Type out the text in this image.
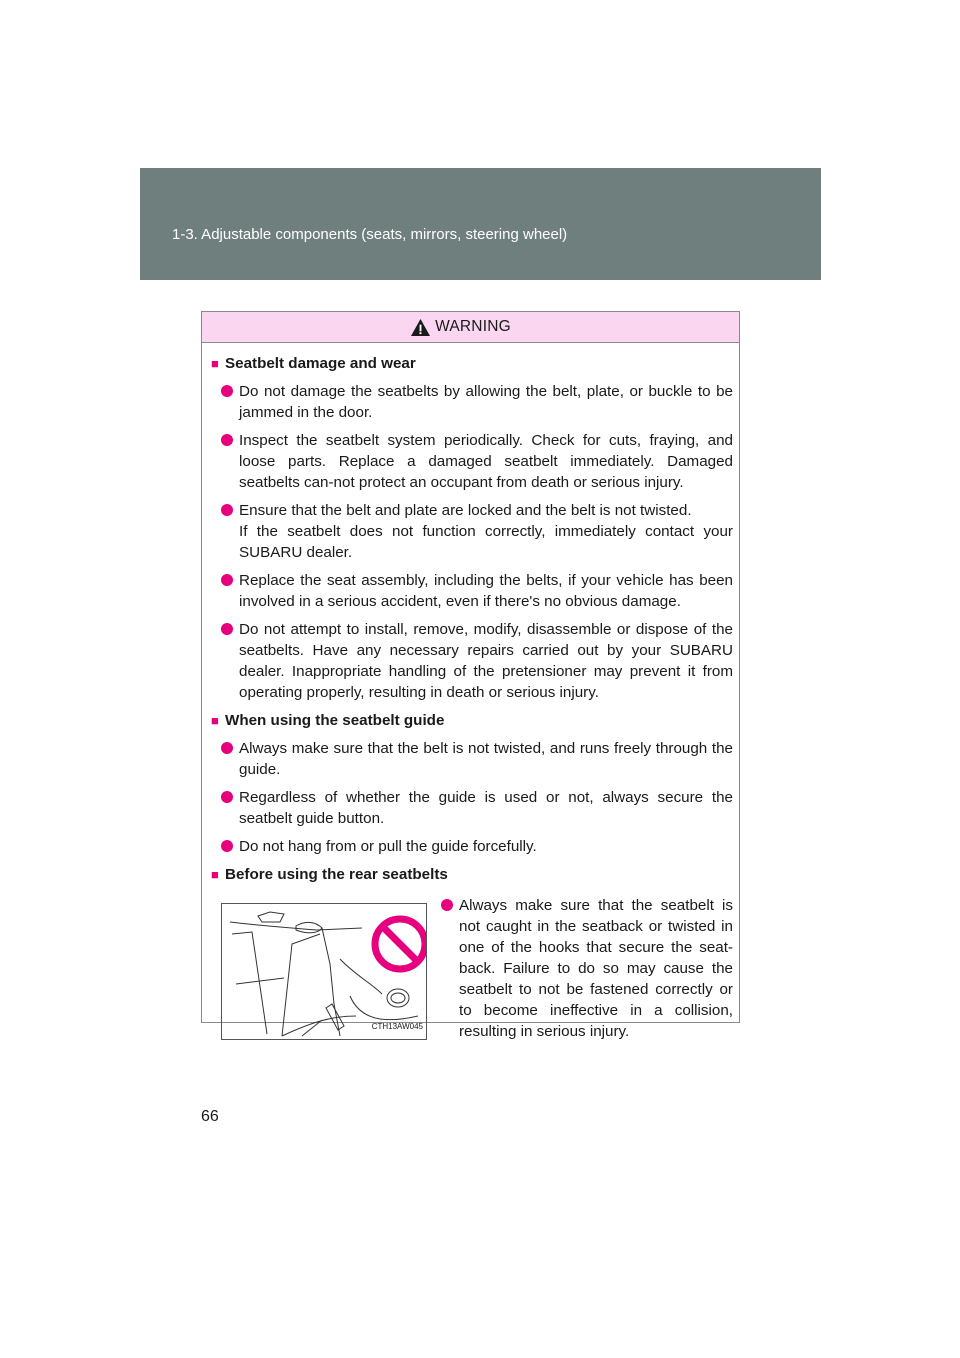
1-3. Adjustable components (seats, mirrors, steering wheel)
WARNING
■ Seatbelt damage and wear
Do not damage the seatbelts by allowing the belt, plate, or buckle to be jammed in the door.
Inspect the seatbelt system periodically. Check for cuts, fraying, and loose parts. Replace a damaged seatbelt immediately. Damaged seatbelts can-not protect an occupant from death or serious injury.

Ensure that the belt and plate are locked and the belt is not twisted.

If the seatbelt does not function correctly, immediately contact your SUBARU dealer.

Replace the seat assembly, including the belts, if your vehicle has been involved in a serious accident, even if there's no obvious damage.
Do not attempt to install, remove, modify, disassemble or dispose of the seatbelts. Have any necessary repairs carried out by your SUBARU dealer. Inappropriate handling of the pretensioner may prevent it from operating properly, resulting in death or serious injury.
■ When using the seatbelt guide
Always make sure that the belt is not twisted, and runs freely through the guide.
Regardless of whether the guide is used or not, always secure the seatbelt guide button.
Do not hang from or pull the guide forcefully.
■ Before using the rear seatbelts
CTH13AW045
Always make sure that the seatbelt is not caught in the seatback or twisted in one of the hooks that secure the seat-back. Failure to do so may cause the seatbelt to not be fastened correctly or to become ineffective in a collision, resulting in serious injury.
66
